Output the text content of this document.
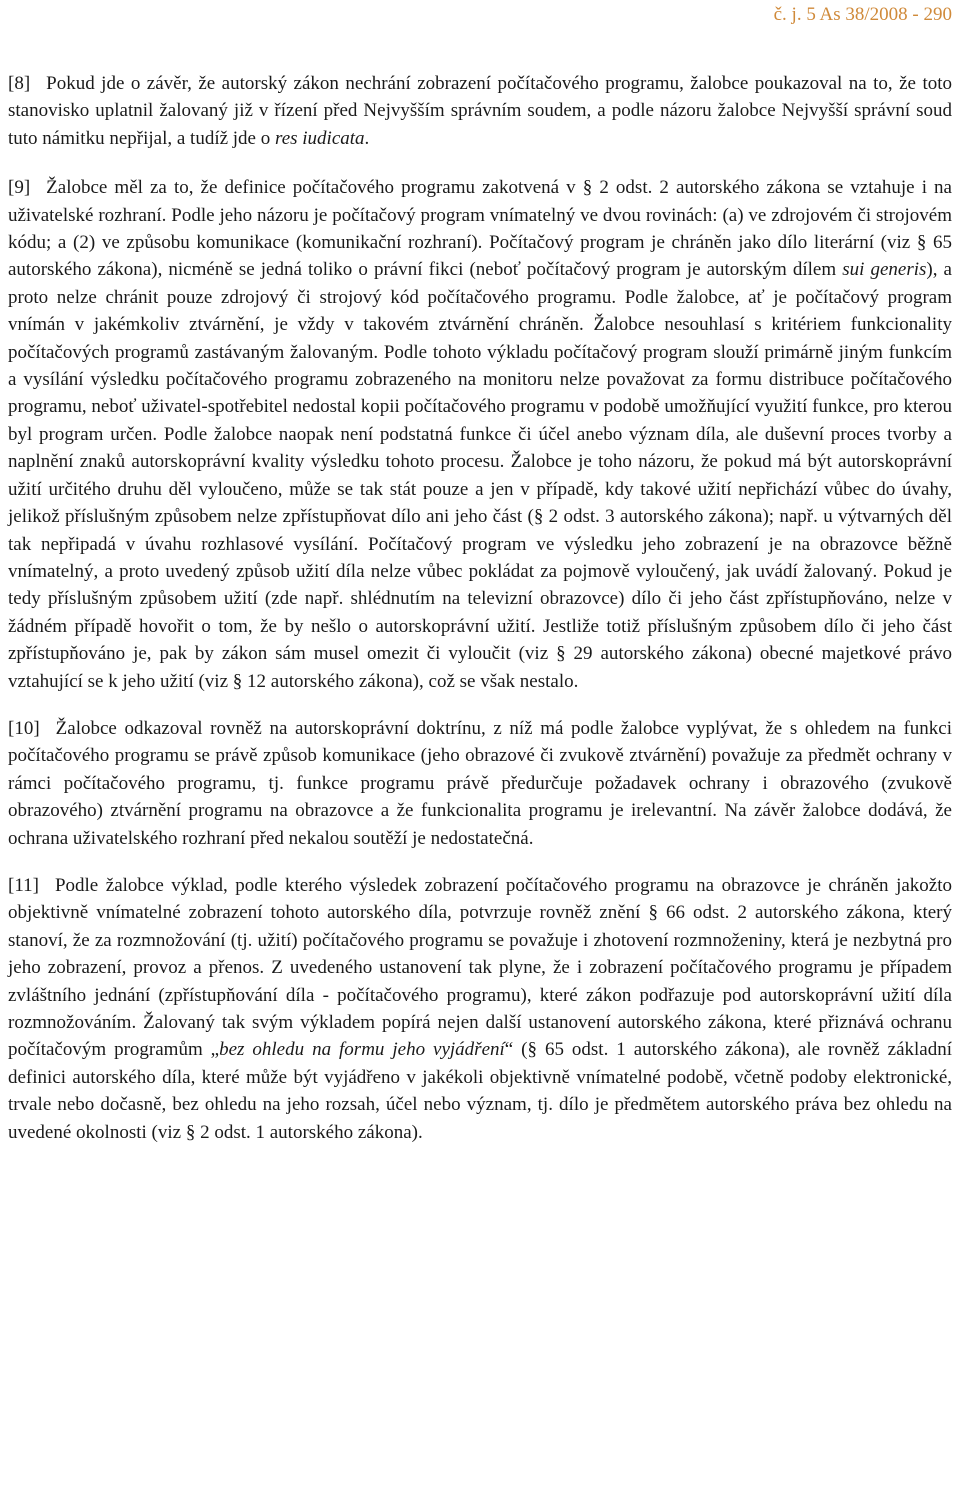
č. j. 5 As 38/2008 - 290

[8] Pokud jde o závěr, že autorský zákon nechrání zobrazení počítačového programu, žalobce poukazoval na to, že toto stanovisko uplatnil žalovaný již v řízení před Nejvyšším správním soudem, a podle názoru žalobce Nejvyšší správní soud tuto námitku nepřijal, a tudíž jde o res iudicata.

[9] Žalobce měl za to, že definice počítačového programu zakotvená v § 2 odst. 2 autorského zákona se vztahuje i na uživatelské rozhraní. Podle jeho názoru je počítačový program vnímatelný ve dvou rovinách: (a) ve zdrojovém či strojovém kódu; a (2) ve způsobu komunikace (komunikační rozhraní). Počítačový program je chráněn jako dílo literární (viz § 65 autorského zákona), nicméně se jedná toliko o právní fikci (neboť počítačový program je autorským dílem sui generis), a proto nelze chránit pouze zdrojový či strojový kód počítačového programu. Podle žalobce, ať je počítačový program vnímán v jakémkoliv ztvárnění, je vždy v takovém ztvárnění chráněn. Žalobce nesouhlasí s kritériem funkcionality počítačových programů zastávaným žalovaným. Podle tohoto výkladu počítačový program slouží primárně jiným funkcím a vysílání výsledku počítačového programu zobrazeného na monitoru nelze považovat za formu distribuce počítačového programu, neboť uživatel-spotřebitel nedostal kopii počítačového programu v podobě umožňující využití funkce, pro kterou byl program určen. Podle žalobce naopak není podstatná funkce či účel anebo význam díla, ale duševní proces tvorby a naplnění znaků autorskoprávní kvality výsledku tohoto procesu. Žalobce je toho názoru, že pokud má být autorskoprávní užití určitého druhu děl vyloučeno, může se tak stát pouze a jen v případě, kdy takové užití nepřichází vůbec do úvahy, jelikož příslušným způsobem nelze zpřístupňovat dílo ani jeho část (§ 2 odst. 3 autorského zákona); např. u výtvarných děl tak nepřipadá v úvahu rozhlasové vysílání. Počítačový program ve výsledku jeho zobrazení je na obrazovce běžně vnímatelný, a proto uvedený způsob užití díla nelze vůbec pokládat za pojmově vyloučený, jak uvádí žalovaný. Pokud je tedy příslušným způsobem užití (zde např. shlédnutím na televizní obrazovce) dílo či jeho část zpřístupňováno, nelze v žádném případě hovořit o tom, že by nešlo o autorskoprávní užití. Jestliže totiž příslušným způsobem dílo či jeho část zpřístupňováno je, pak by zákon sám musel omezit či vyloučit (viz § 29 autorského zákona) obecné majetkové právo vztahující se k jeho užití (viz § 12 autorského zákona), což se však nestalo.

[10] Žalobce odkazoval rovněž na autorskoprávní doktrínu, z níž má podle žalobce vyplývat, že s ohledem na funkci počítačového programu se právě způsob komunikace (jeho obrazové či zvukově ztvárnění) považuje za předmět ochrany v rámci počítačového programu, tj. funkce programu právě předurčuje požadavek ochrany i obrazového (zvukově obrazového) ztvárnění programu na obrazovce a že funkcionalita programu je irelevantní. Na závěr žalobce dodává, že ochrana uživatelského rozhraní před nekalou soutěží je nedostatečná.

[11] Podle žalobce výklad, podle kterého výsledek zobrazení počítačového programu na obrazovce je chráněn jakožto objektivně vnímatelné zobrazení tohoto autorského díla, potvrzuje rovněž znění § 66 odst. 2 autorského zákona, který stanoví, že za rozmnožování (tj. užití) počítačového programu se považuje i zhotovení rozmnoženiny, která je nezbytná pro jeho zobrazení, provoz a přenos. Z uvedeného ustanovení tak plyne, že i zobrazení počítačového programu je případem zvláštního jednání (zpřístupňování díla - počítačového programu), které zákon podřazuje pod autorskoprávní užití díla rozmnožováním. Žalovaný tak svým výkladem popírá nejen další ustanovení autorského zákona, které přiznává ochranu počítačovým programům „bez ohledu na formu jeho vyjádření“ (§ 65 odst. 1 autorského zákona), ale rovněž základní definici autorského díla, které může být vyjádřeno v jakékoli objektivně vnímatelné podobě, včetně podoby elektronické, trvale nebo dočasně, bez ohledu na jeho rozsah, účel nebo význam, tj. dílo je předmětem autorského práva bez ohledu na uvedené okolnosti (viz § 2 odst. 1 autorského zákona).
